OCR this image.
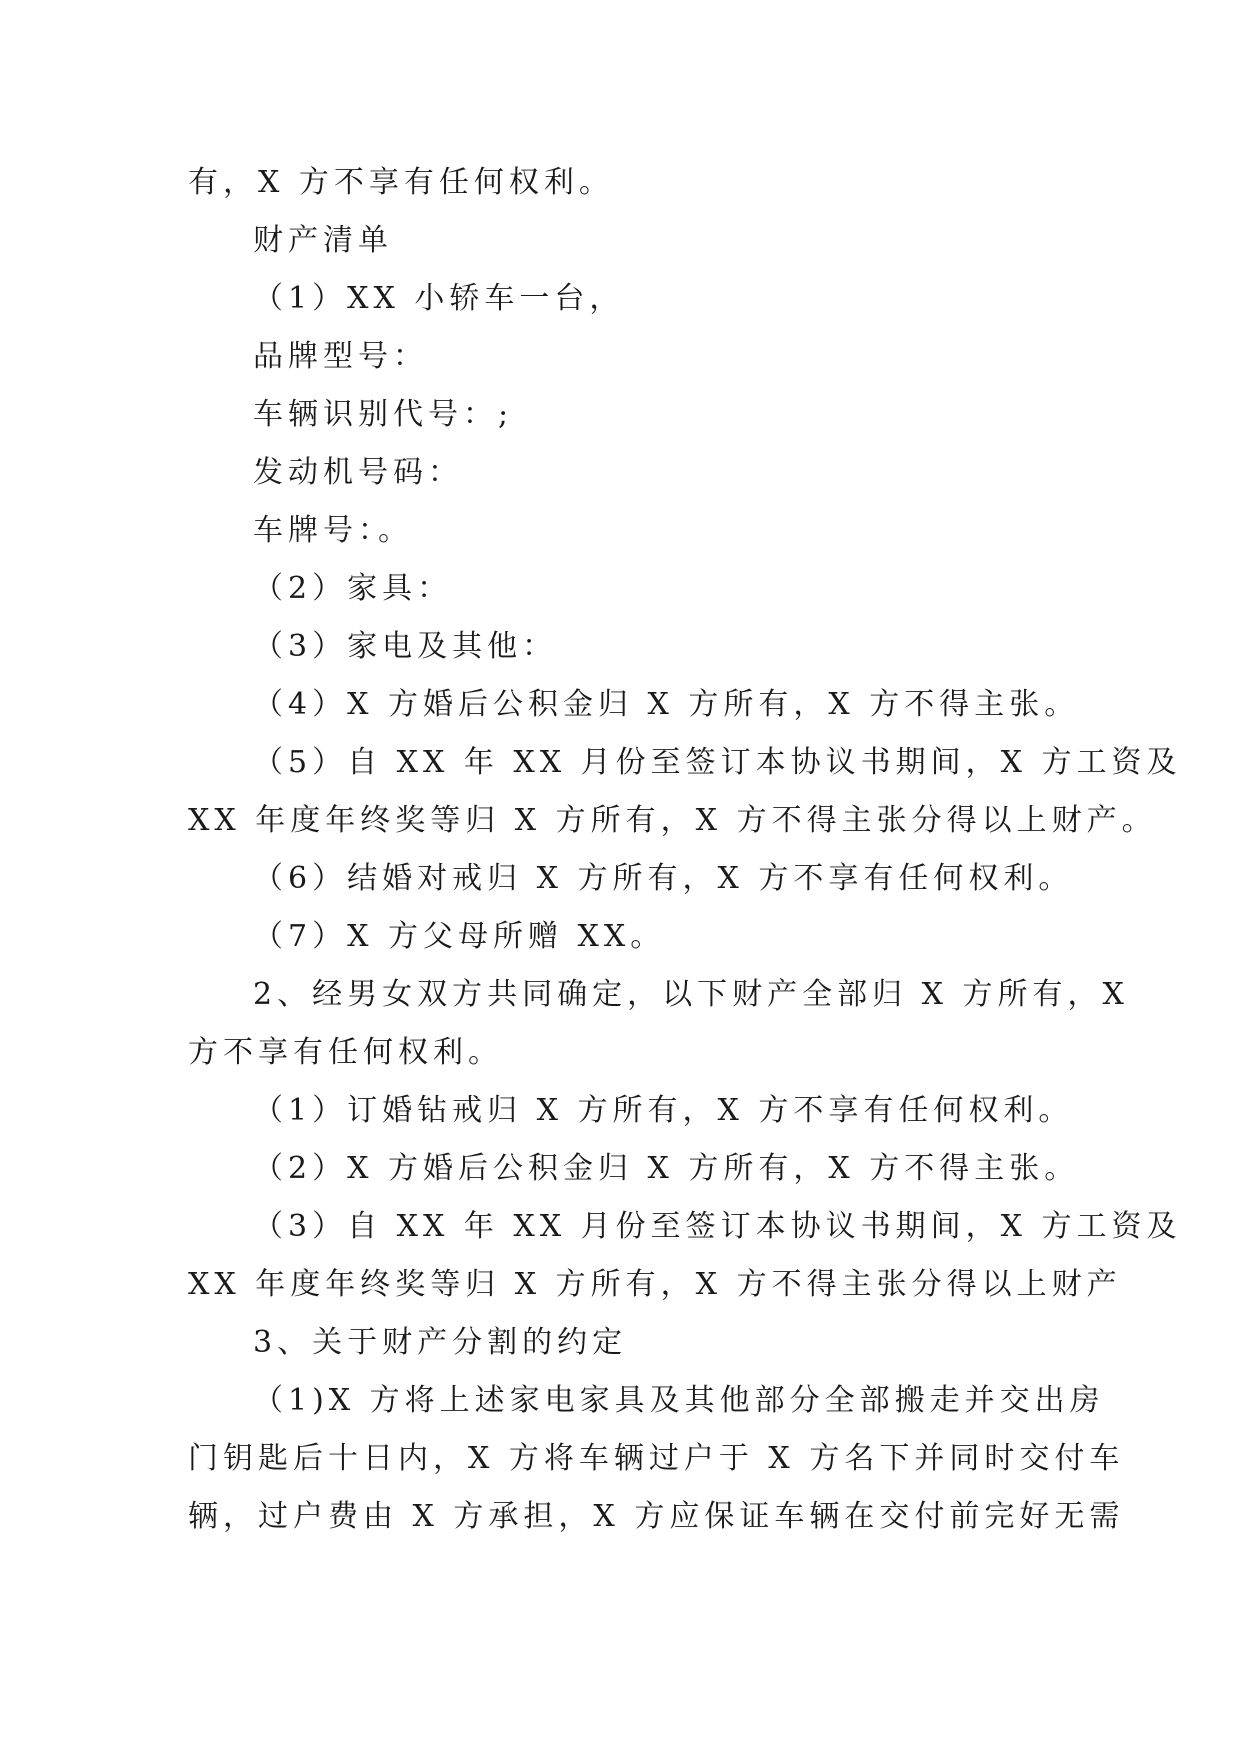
有，X 方不享有任何权利。
财产清单
（1）XX 小轿车一台，
品牌型号：
车辆识别代号：;
发动机号码：
车牌号：。
（2）家具：
（3）家电及其他：
（4）X 方婚后公积金归 X 方所有，X 方不得主张。
（5）自 XX 年 XX 月份至签订本协议书期间，X 方工资及
XX 年度年终奖等归 X 方所有，X 方不得主张分得以上财产。
（6）结婚对戒归 X 方所有，X 方不享有任何权利。
（7）X 方父母所赠 XX。
2、经男女双方共同确定，以下财产全部归 X 方所有，X
方不享有任何权利。
（1）订婚钻戒归 X 方所有，X 方不享有任何权利。
（2）X 方婚后公积金归 X 方所有，X 方不得主张。
（3）自 XX 年 XX 月份至签订本协议书期间，X 方工资及
XX 年度年终奖等归 X 方所有，X 方不得主张分得以上财产
3、关于财产分割的约定
（1)X 方将上述家电家具及其他部分全部搬走并交出房
门钥匙后十日内，X 方将车辆过户于 X 方名下并同时交付车
辆，过户费由 X 方承担，X 方应保证车辆在交付前完好无需
